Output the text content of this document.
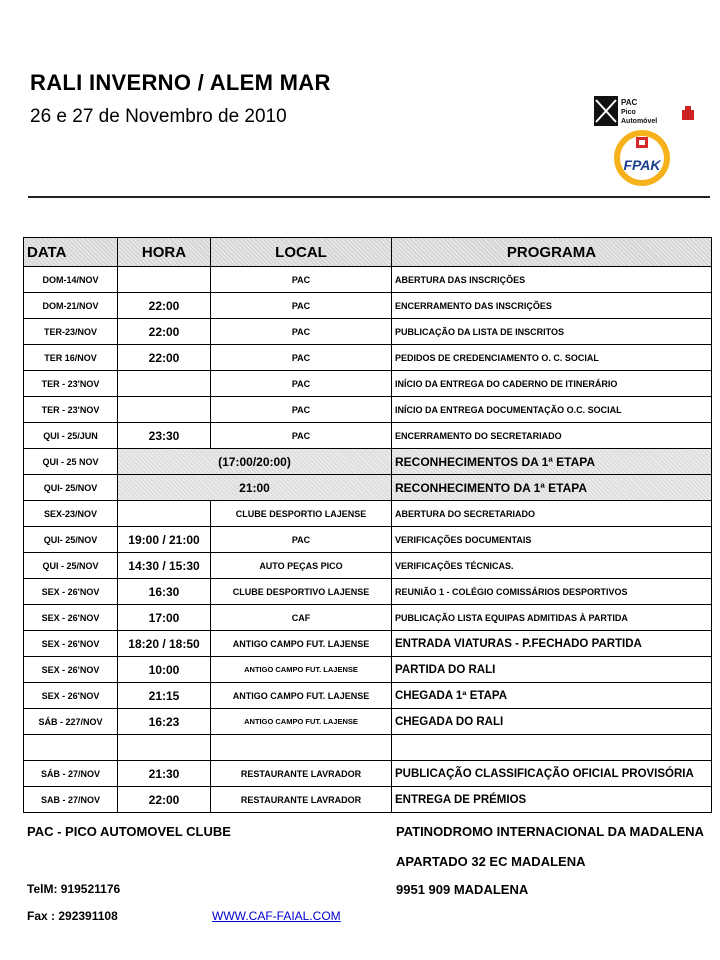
RALI INVERNO / ALEM MAR
26 e 27 de Novembro de 2010
PAC
Pico
Automóvel
FPAK
DATA	HORA	LOCAL	PROGRAMA
DOM-14/NOV		PAC	ABERTURA DAS INSCRIÇÕES
DOM-21/NOV	22:00	PAC	ENCERRAMENTO DAS INSCRIÇÕES
TER-23/NOV	22:00	PAC	PUBLICAÇÃO DA LISTA DE INSCRITOS
TER 16/NOV	22:00	PAC	PEDIDOS DE CREDENCIAMENTO O. C. SOCIAL
TER - 23'NOV		PAC	INÍCIO DA ENTREGA DO CADERNO DE ITINERÁRIO
TER - 23'NOV		PAC	INÍCIO DA ENTREGA DOCUMENTAÇÃO O.C. SOCIAL
QUI - 25/JUN	23:30	PAC	ENCERRAMENTO DO SECRETARIADO
QUI - 25 NOV	(17:00/20:00)		RECONHECIMENTOS DA 1ª ETAPA
QUI- 25/NOV	21:00		RECONHECIMENTO DA 1ª ETAPA
SEX-23/NOV		CLUBE DESPORTIO LAJENSE	ABERTURA DO SECRETARIADO
QUI- 25/NOV	19:00 / 21:00	PAC	VERIFICAÇÕES DOCUMENTAIS
QUI - 25/NOV	14:30 / 15:30	AUTO PEÇAS PICO	VERIFICAÇÕES TÉCNICAS.
SEX - 26'NOV	16:30	CLUBE DESPORTIVO LAJENSE	REUNIÃO 1 - COLÉGIO COMISSÁRIOS DESPORTIVOS
SEX - 26'NOV	17:00	CAF	PUBLICAÇÃO LISTA EQUIPAS ADMITIDAS À PARTIDA
SEX - 26'NOV	18:20 / 18:50	ANTIGO CAMPO FUT. LAJENSE	ENTRADA VIATURAS - P.FECHADO PARTIDA
SEX - 26'NOV	10:00	ANTIGO CAMPO FUT. LAJENSE	PARTIDA DO RALI
SEX - 26'NOV	21:15	ANTIGO CAMPO FUT. LAJENSE	CHEGADA 1ª ETAPA
SÁB - 227/NOV	16:23	ANTIGO CAMPO FUT. LAJENSE	CHEGADA DO RALI

SÁB - 27/NOV	21:30	RESTAURANTE LAVRADOR	PUBLICAÇÃO CLASSIFICAÇÃO OFICIAL PROVISÓRIA
SAB - 27/NOV	22:00	RESTAURANTE LAVRADOR	ENTREGA DE PRÉMIOS
PAC - PICO AUTOMOVEL CLUBE
TelM: 919521176
Fax : 292391108	WWW.CAF-FAIAL.COM
PATINODROMO INTERNACIONAL DA MADALENA
APARTADO 32 EC MADALENA
9951 909 MADALENA
